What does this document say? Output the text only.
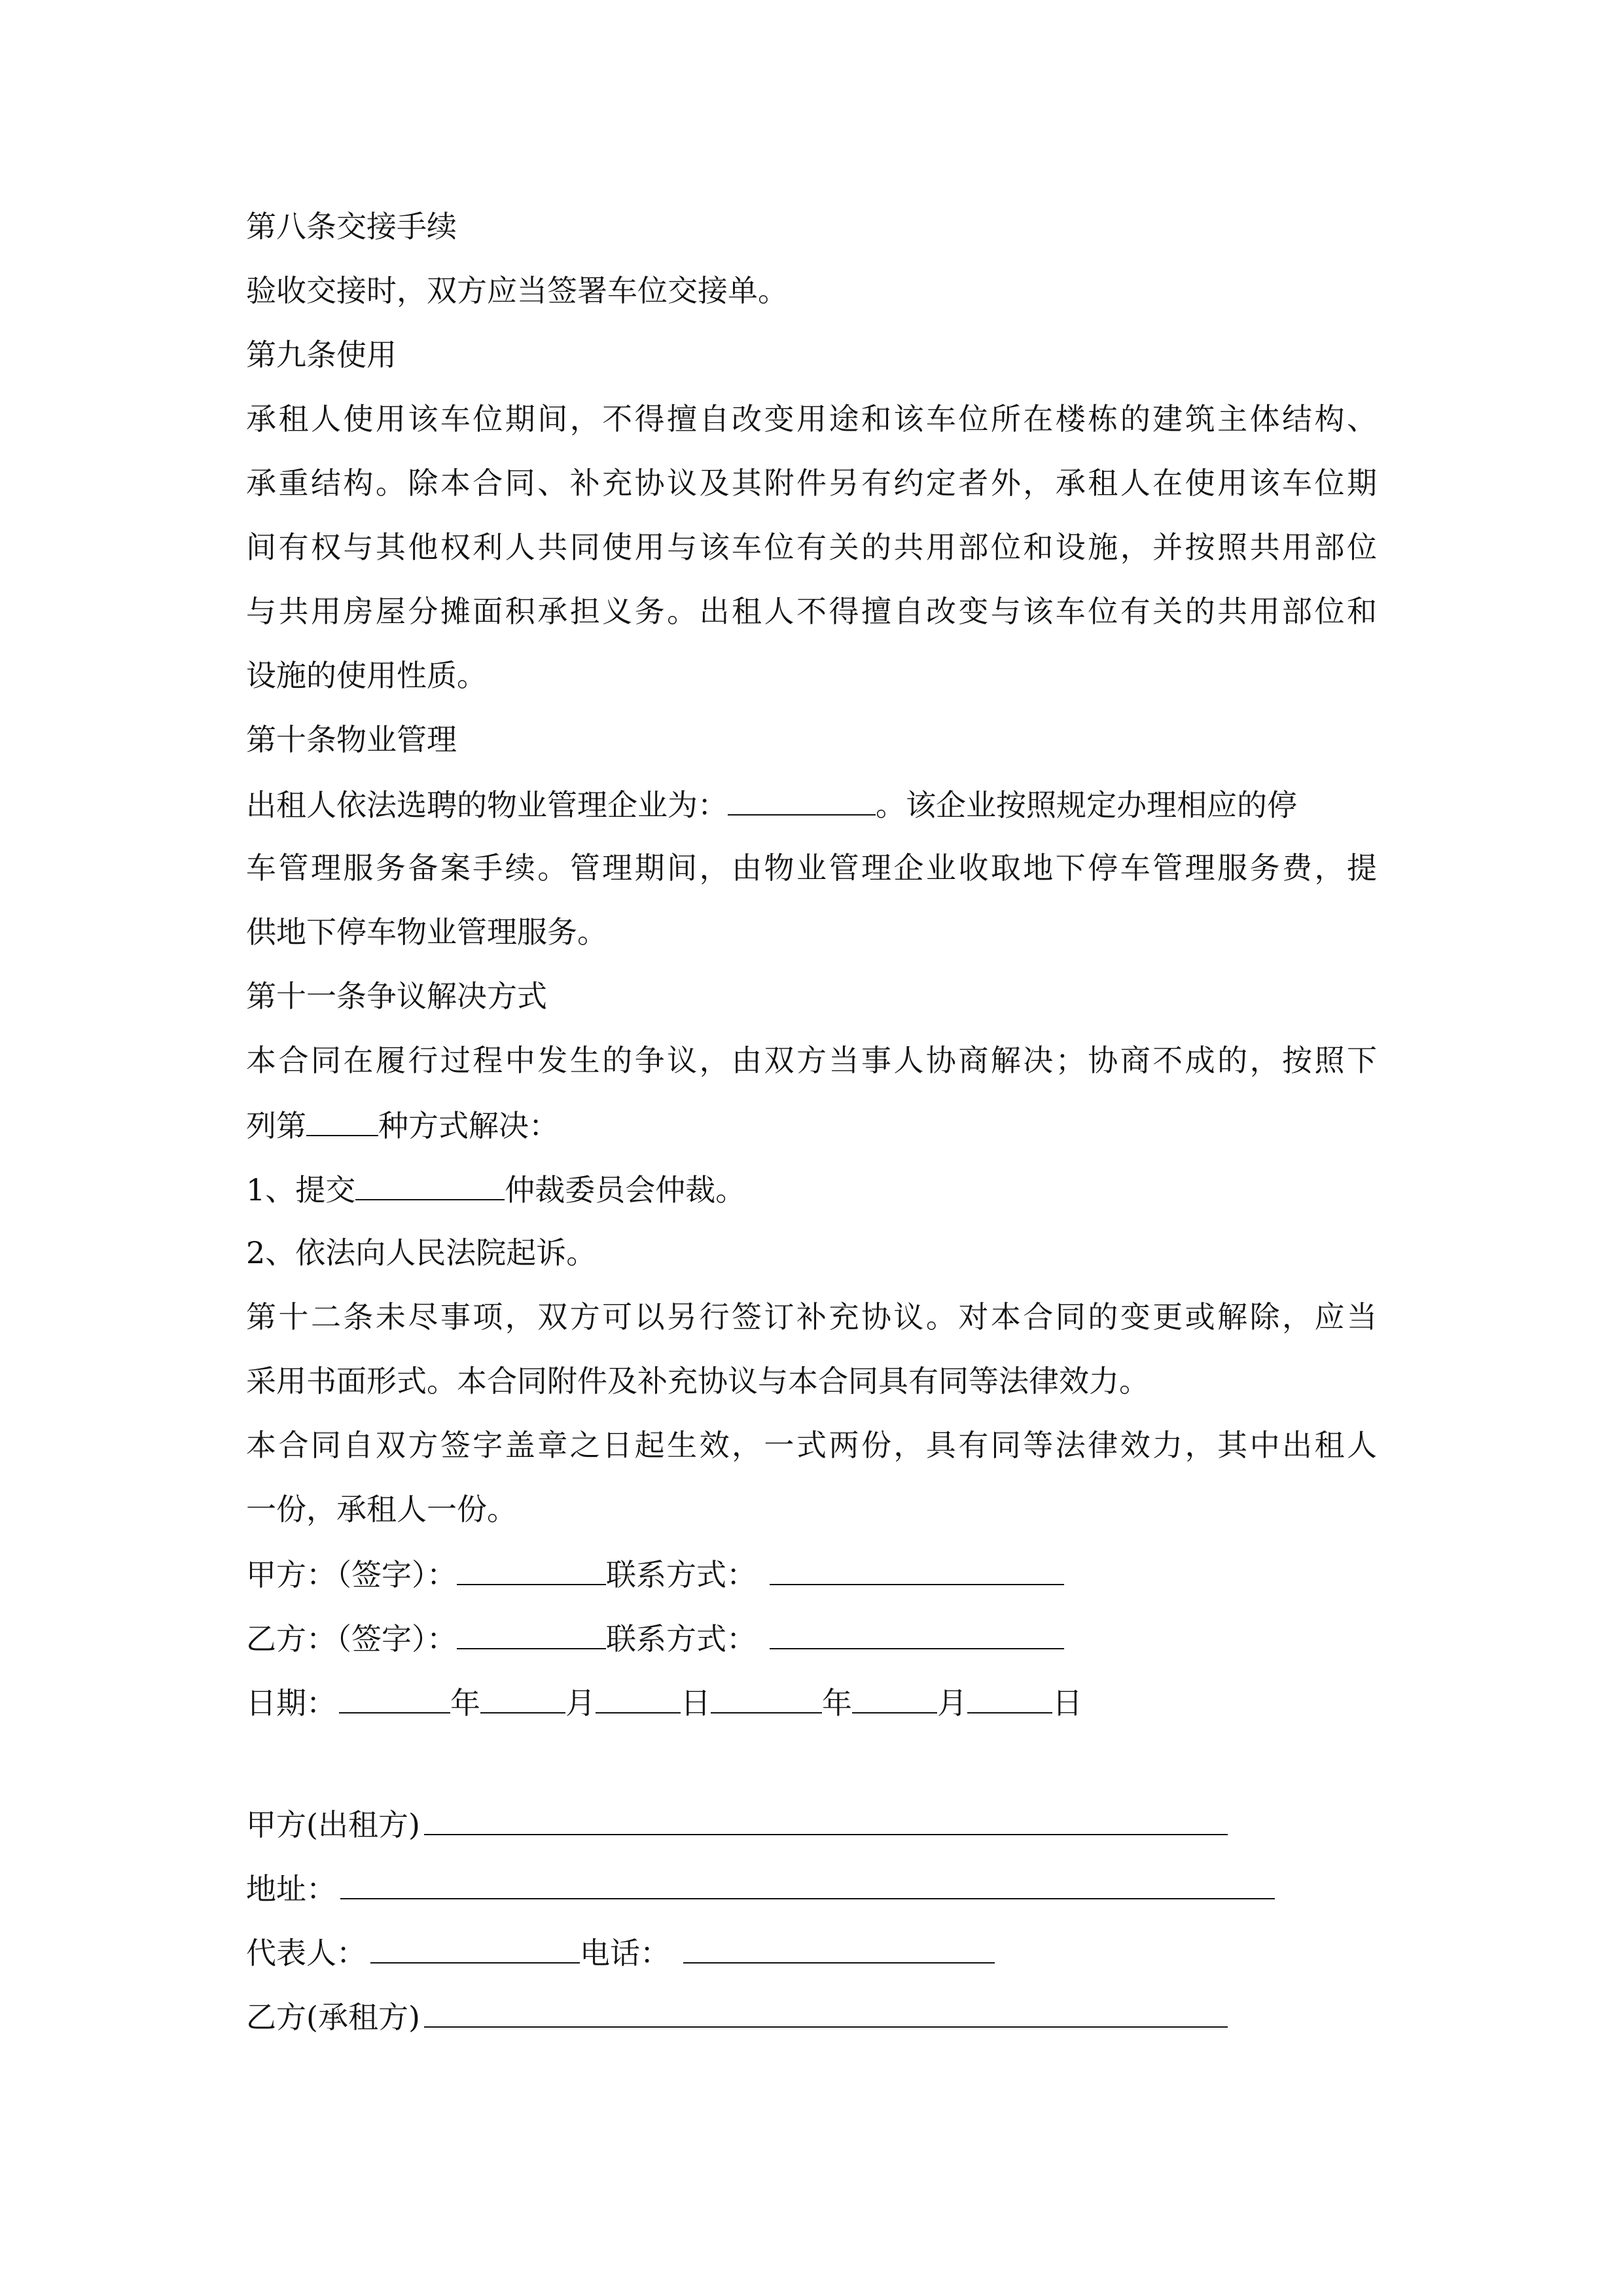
第八条交接手续
验收交接时，双方应当签署车位交接单。
第九条使用
承租人使用该车位期间，不得擅自改变用途和该车位所在楼栋的建筑主体结构、
承重结构。除本合同、补充协议及其附件另有约定者外，承租人在使用该车位期
间有权与其他权利人共同使用与该车位有关的共用部位和设施，并按照共用部位
与共用房屋分摊面积承担义务。出租人不得擅自改变与该车位有关的共用部位和
设施的使用性质。
第十条物业管理
出租人依法选聘的物业管理企业为：	。该企业按照规定办理相应的停
车管理服务备案手续。管理期间，由物业管理企业收取地下停车管理服务费，提
供地下停车物业管理服务。
第十一条争议解决方式
本合同在履行过程中发生的争议，由双方当事人协商解决；协商不成的，按照下
列第 种方式解决：
1、提交	仲裁委员会仲裁。
2、依法向人民法院起诉。
第十二条未尽事项，双方可以另行签订补充协议。对本合同的变更或解除，应当
采用书面形式。本合同附件及补充协议与本合同具有同等法律效力。
本合同自双方签字盖章之日起生效，一式两份，具有同等法律效力，其中出租人
一份，承租人一份。
甲方：（签字）：	联系方式：
乙方：（签字）：	联系方式：
日期：	年	月	日	年	月	日
甲方(出租方)
地址：
代表人：	电话：
乙方(承租方)
